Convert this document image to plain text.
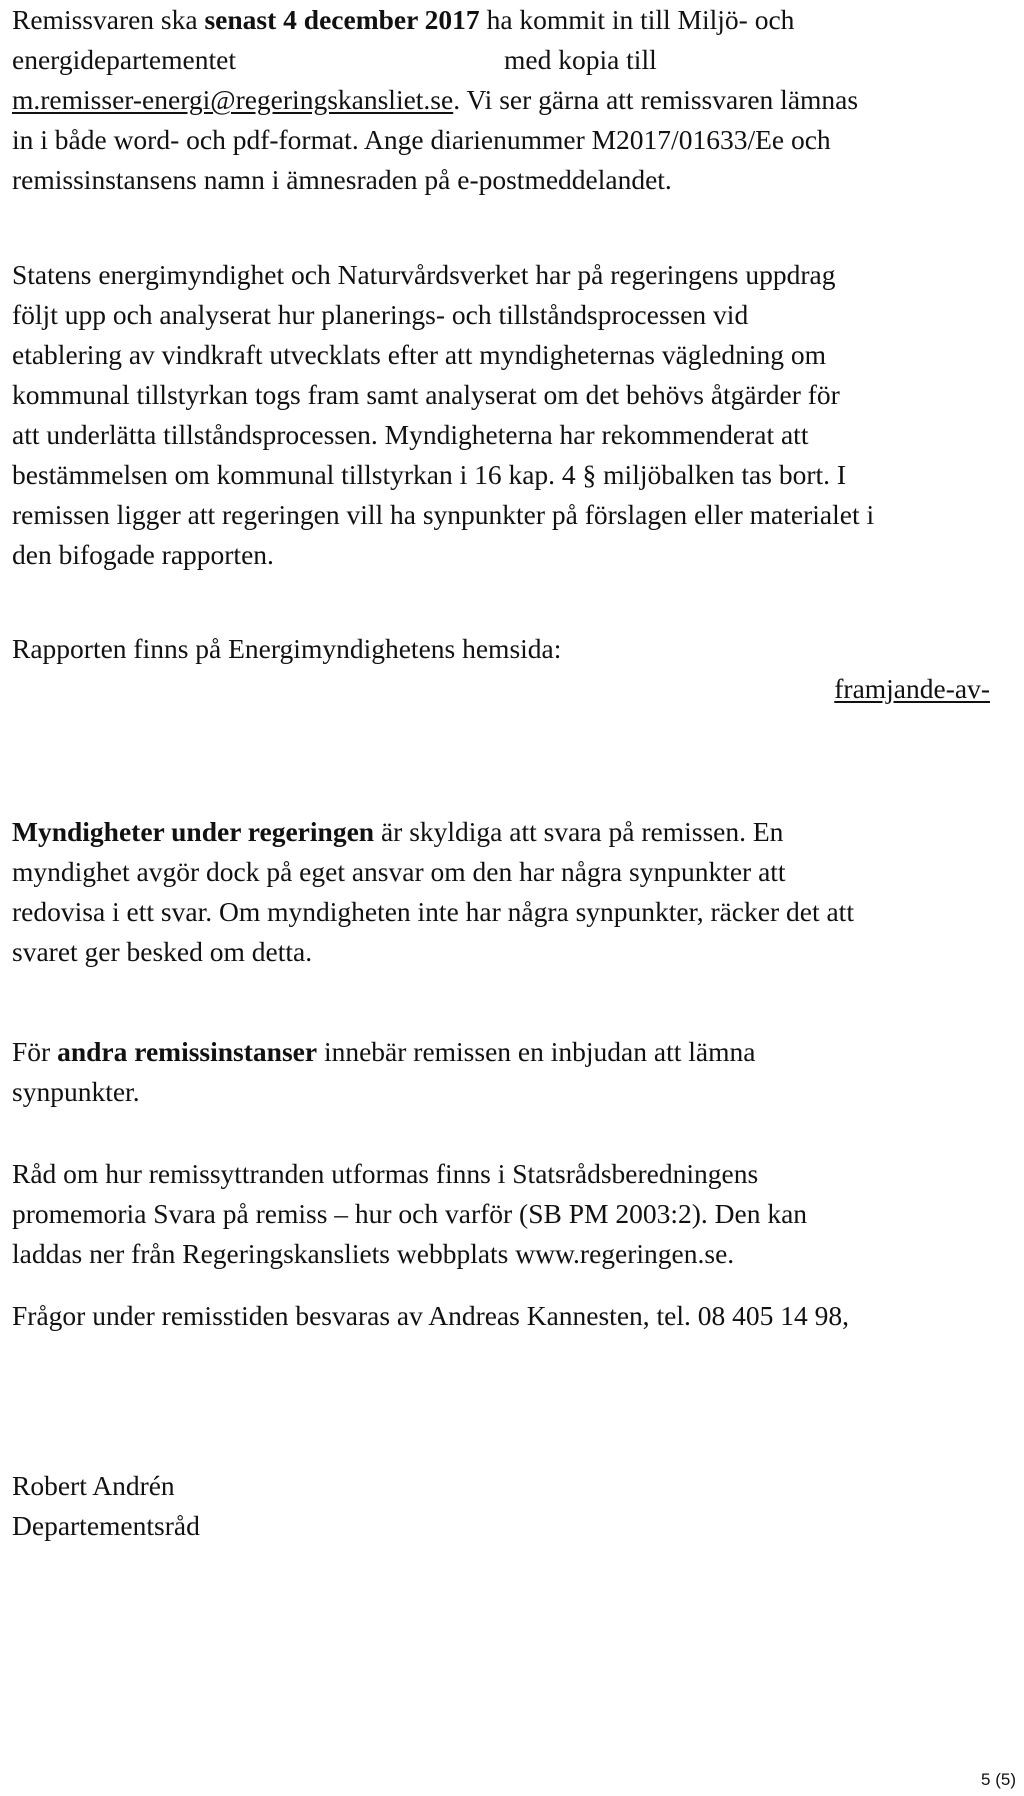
Remissvaren ska senast 4 december 2017 ha kommit in till Miljö- och
energidepartementet	med kopia till
m.remisser-energi@regeringskansliet.se. Vi ser gärna att remissvaren lämnas
in i både word- och pdf-format. Ange diarienummer M2017/01633/Ee och
remissinstansens namn i ämnesraden på e-postmeddelandet.
Statens energimyndighet och Naturvårdsverket har på regeringens uppdrag
följt upp och analyserat hur planerings- och tillståndsprocessen vid
etablering av vindkraft utvecklats efter att myndigheternas vägledning om
kommunal tillstyrkan togs fram samt analyserat om det behövs åtgärder för
att underlätta tillståndsprocessen. Myndigheterna har rekommenderat att
bestämmelsen om kommunal tillstyrkan i 16 kap. 4 § miljöbalken tas bort. I
remissen ligger att regeringen vill ha synpunkter på förslagen eller materialet i
den bifogade rapporten.
Rapporten finns på Energimyndighetens hemsida:
framjande-av-
Myndigheter under regeringen är skyldiga att svara på remissen. En
myndighet avgör dock på eget ansvar om den har några synpunkter att
redovisa i ett svar. Om myndigheten inte har några synpunkter, räcker det att
svaret ger besked om detta.
För andra remissinstanser innebär remissen en inbjudan att lämna
synpunkter.
Råd om hur remissyttranden utformas finns i Statsrådsberedningens
promemoria Svara på remiss – hur och varför (SB PM 2003:2). Den kan
laddas ner från Regeringskansliets webbplats www.regeringen.se.
Frågor under remisstiden besvaras av Andreas Kannesten, tel. 08 405 14 98,
Robert Andrén
Departementsråd
5 (5)
